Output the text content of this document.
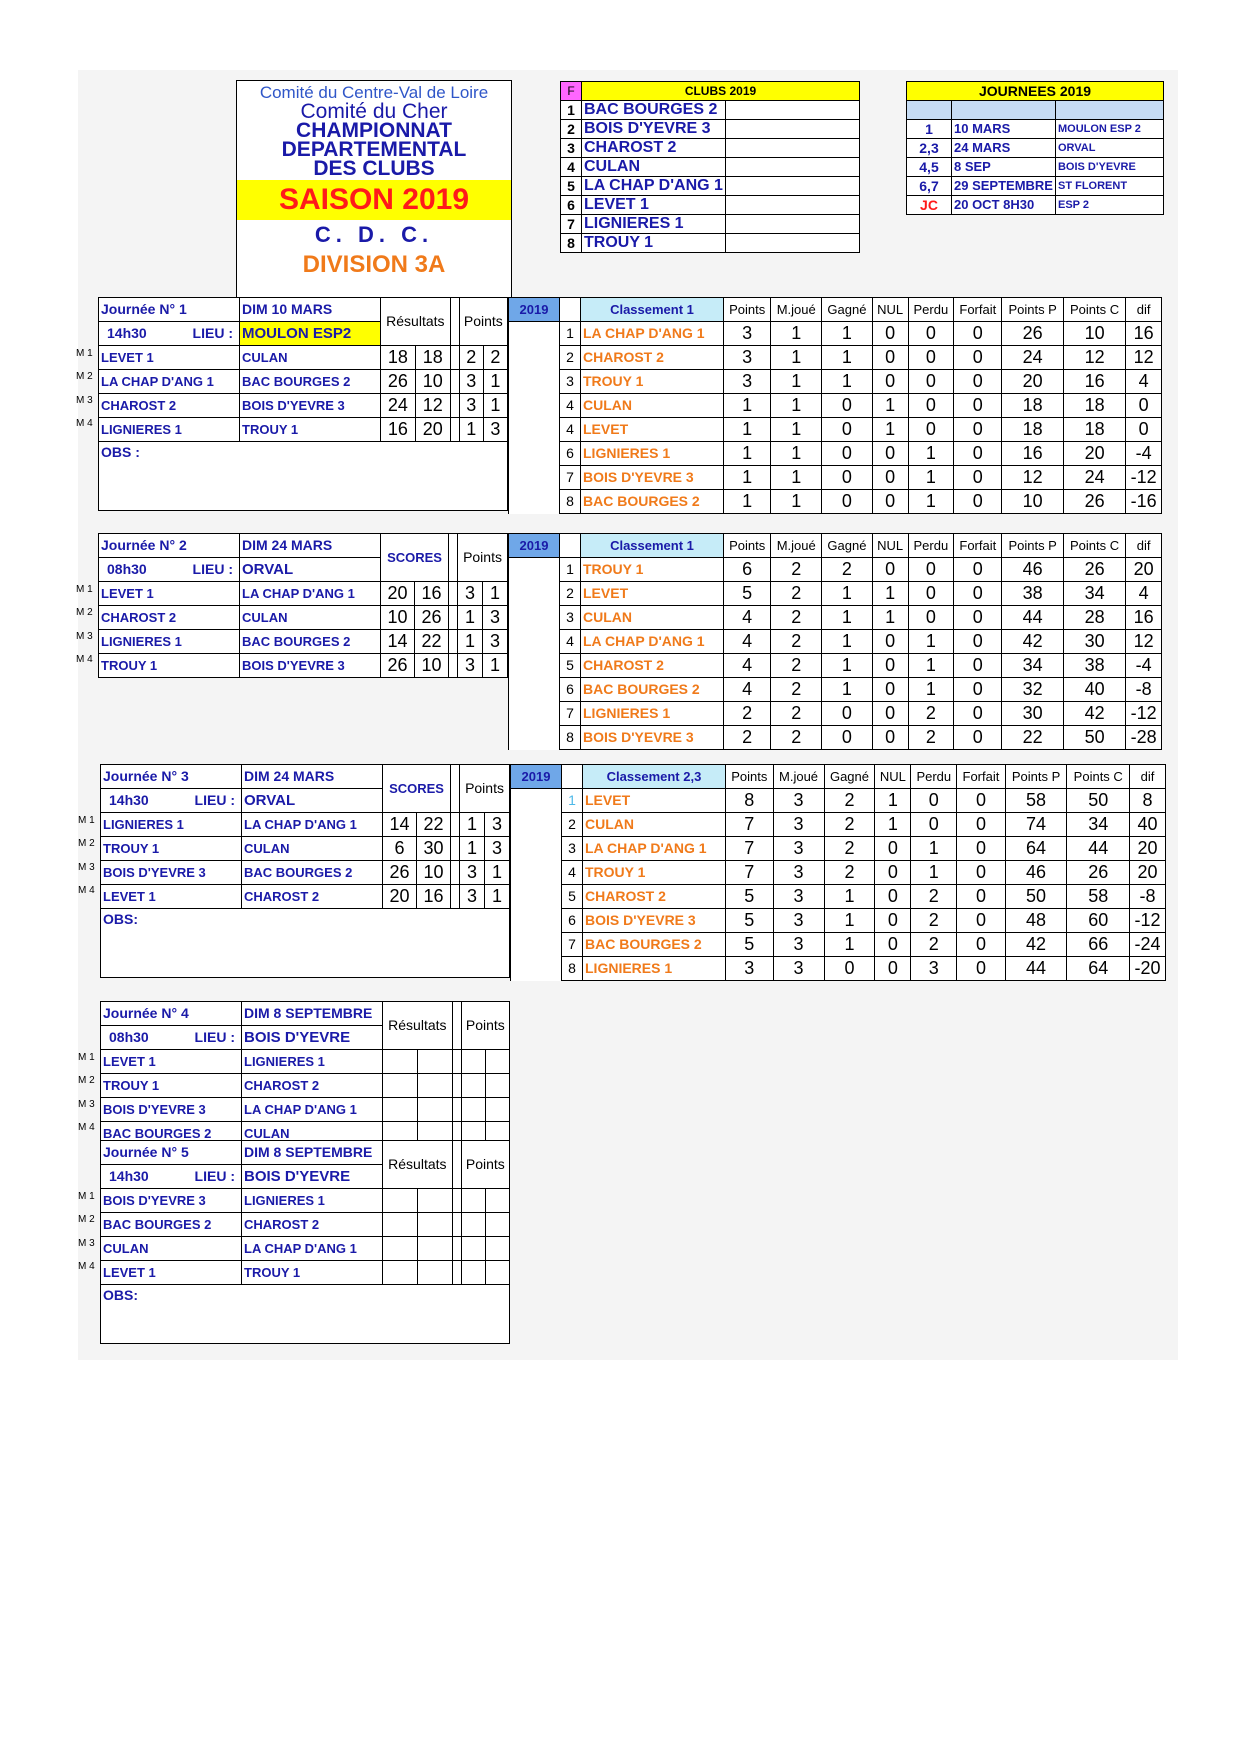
Comité du Centre-Val de Loire
Comité du Cher
CHAMPIONNAT
DEPARTEMENTAL
DES CLUBS
SAISON 2019
C. D. C.
DIVISION 3A
F	CLUBS 2019	
1	BAC BOURGES 2	
2	BOIS D'YEVRE 3	
3	CHAROST 2	
4	CULAN	
5	LA CHAP D'ANG 1	
6	LEVET 1	
7	LIGNIERES 1	
8	TROUY 1	
JOURNEES 2019		

1	10 MARS	MOULON ESP 2
2,3	24 MARS	ORVAL
4,5	8 SEP	BOIS D'YEVRE
6,7	29 SEPTEMBRE	ST FLORENT
JC	20 OCT 8H30	ESP 2
Journée N° 1	DIM 10 MARS	Résultats			Points	
14h30 LIEU :	MOULON ESP2					
LEVET 1	CULAN	18	18		2	2
LA CHAP D'ANG 1	BAC BOURGES 2	26	10		3	1
CHAROST 2	BOIS D'YEVRE 3	24	12		3	1
LIGNIERES 1	TROUY 1	16	20		1	3
OBS :						
M 1
M 2
M 3
M 4
2019		Classement 1	Points	M.joué	Gagné	NUL	Perdu	Forfait	Points P	Points C	dif
	1	LA CHAP D'ANG 1	3	1	1	0	0	0	26	10	16
	2	CHAROST 2	3	1	1	0	0	0	24	12	12
	3	TROUY 1	3	1	1	0	0	0	20	16	4
	4	CULAN	1	1	0	1	0	0	18	18	0
	4	LEVET	1	1	0	1	0	0	18	18	0
	6	LIGNIERES 1	1	1	0	0	1	0	16	20	-4
	7	BOIS D'YEVRE 3	1	1	0	0	1	0	12	24	-12
	8	BAC BOURGES 2	1	1	0	0	1	0	10	26	-16
Journée N° 2	DIM 24 MARS	SCORES			Points	
08h30 LIEU :	ORVAL					
LEVET 1	LA CHAP D'ANG 1	20	16		3	1
CHAROST 2	CULAN	10	26		1	3
LIGNIERES 1	BAC BOURGES 2	14	22		1	3
TROUY 1	BOIS D'YEVRE 3	26	10		3	1
M 1
M 2
M 3
M 4
2019		Classement 1	Points	M.joué	Gagné	NUL	Perdu	Forfait	Points P	Points C	dif
	1	TROUY 1	6	2	2	0	0	0	46	26	20
	2	LEVET	5	2	1	1	0	0	38	34	4
	3	CULAN	4	2	1	1	0	0	44	28	16
	4	LA CHAP D'ANG 1	4	2	1	0	1	0	42	30	12
	5	CHAROST 2	4	2	1	0	1	0	34	38	-4
	6	BAC BOURGES 2	4	2	1	0	1	0	32	40	-8
	7	LIGNIERES 1	2	2	0	0	2	0	30	42	-12
	8	BOIS D'YEVRE 3	2	2	0	0	2	0	22	50	-28
Journée N° 3	DIM 24 MARS	SCORES			Points	
14h30 LIEU :	ORVAL					
LIGNIERES 1	LA CHAP D'ANG 1	14	22		1	3
TROUY 1	CULAN	6	30		1	3
BOIS D'YEVRE 3	BAC BOURGES 2	26	10		3	1
LEVET 1	CHAROST 2	20	16		3	1
OBS:						
M 1
M 2
M 3
M 4
2019		Classement 2,3	Points	M.joué	Gagné	NUL	Perdu	Forfait	Points P	Points C	dif
	1	LEVET	8	3	2	1	0	0	58	50	8
	2	CULAN	7	3	2	1	0	0	74	34	40
	3	LA CHAP D'ANG 1	7	3	2	0	1	0	64	44	20
	4	TROUY 1	7	3	2	0	1	0	46	26	20
	5	CHAROST 2	5	3	1	0	2	0	50	58	-8
	6	BOIS D'YEVRE 3	5	3	1	0	2	0	48	60	-12
	7	BAC BOURGES 2	5	3	1	0	2	0	42	66	-24
	8	LIGNIERES 1	3	3	0	0	3	0	44	64	-20
Journée N° 4	DIM 8 SEPTEMBRE	Résultats			Points	
08h30 LIEU :	BOIS D'YEVRE					
LEVET 1	LIGNIERES 1					
TROUY 1	CHAROST 2					
BOIS D'YEVRE 3	LA CHAP D'ANG 1					
BAC BOURGES 2	CULAN					
M 1
M 2
M 3
M 4
Journée N° 5	DIM 8 SEPTEMBRE	Résultats			Points	
14h30 LIEU :	BOIS D'YEVRE					
BOIS D'YEVRE 3	LIGNIERES 1					
BAC BOURGES 2	CHAROST 2					
CULAN	LA CHAP D'ANG 1					
LEVET 1	TROUY 1					
OBS:						
M 1
M 2
M 3
M 4
